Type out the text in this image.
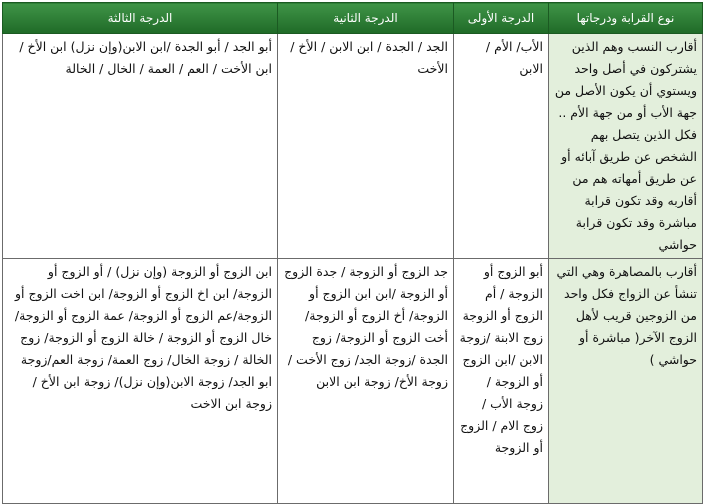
نوع القرابة ودرجاتها	الدرجة الأولى	الدرجة الثانية	الدرجة الثالثة
أقارب النسب وهم الذين يشتركون في أصل واحد ويستوي أن يكون الأصل من جهة الأب أو من جهة الأم .. فكل الذين يتصل بهم الشخص عن طريق آبائه أو عن طريق أمهاته هم من أقاربه وقد تكون قرابة مباشرة وقد تكون قرابة حواشي	الأب/ الأم / الابن	الجد / الجدة / ابن الابن / الأخ / الأخت	أبو الجد / أبو الجدة /ابن الابن(وإن نزل) ابن الأخ /ابن الأخت / العم / العمة / الخال / الخالة
أقارب بالمصاهرة وهي التي تنشأ عن الزواج فكل واحد من الزوجين قريب لأهل الزوج الآخر( مباشرة أو حواشي )	أبو الزوج أو الزوجة / أم الزوج أو الزوجة زوج الابنة /زوجة الابن /ابن الزوج أو الزوجة / زوجة الأب / زوج الام / الزوج أو الزوجة	جد الزوج أو الزوجة / جدة الزوج أو الزوجة /ابن ابن الزوج أو الزوجة/ أخ الزوج أو الزوجة/ أخت الزوج أو الزوجة/ زوج الجدة /زوجة الجد/ زوج الأخت / زوجة الأخ/ زوجة ابن الابن	ابن الزوج أو الزوجة (وإن نزل) / أو الزوج أو الزوجة/ ابن اخ الزوج أو الزوجة/ ابن اخت الزوج أو الزوجة/عم الزوج أو الزوجة/ عمة الزوج أو الزوجة/ خال الزوج أو الزوجة / خالة الزوج أو الزوجة/ زوج الخالة / زوجة الخال/ زوج العمة/ زوجة العم/زوجة ابو الجد/ زوجة الابن(وإن نزل)/ زوجة ابن الأخ /زوجة ابن الاخت
